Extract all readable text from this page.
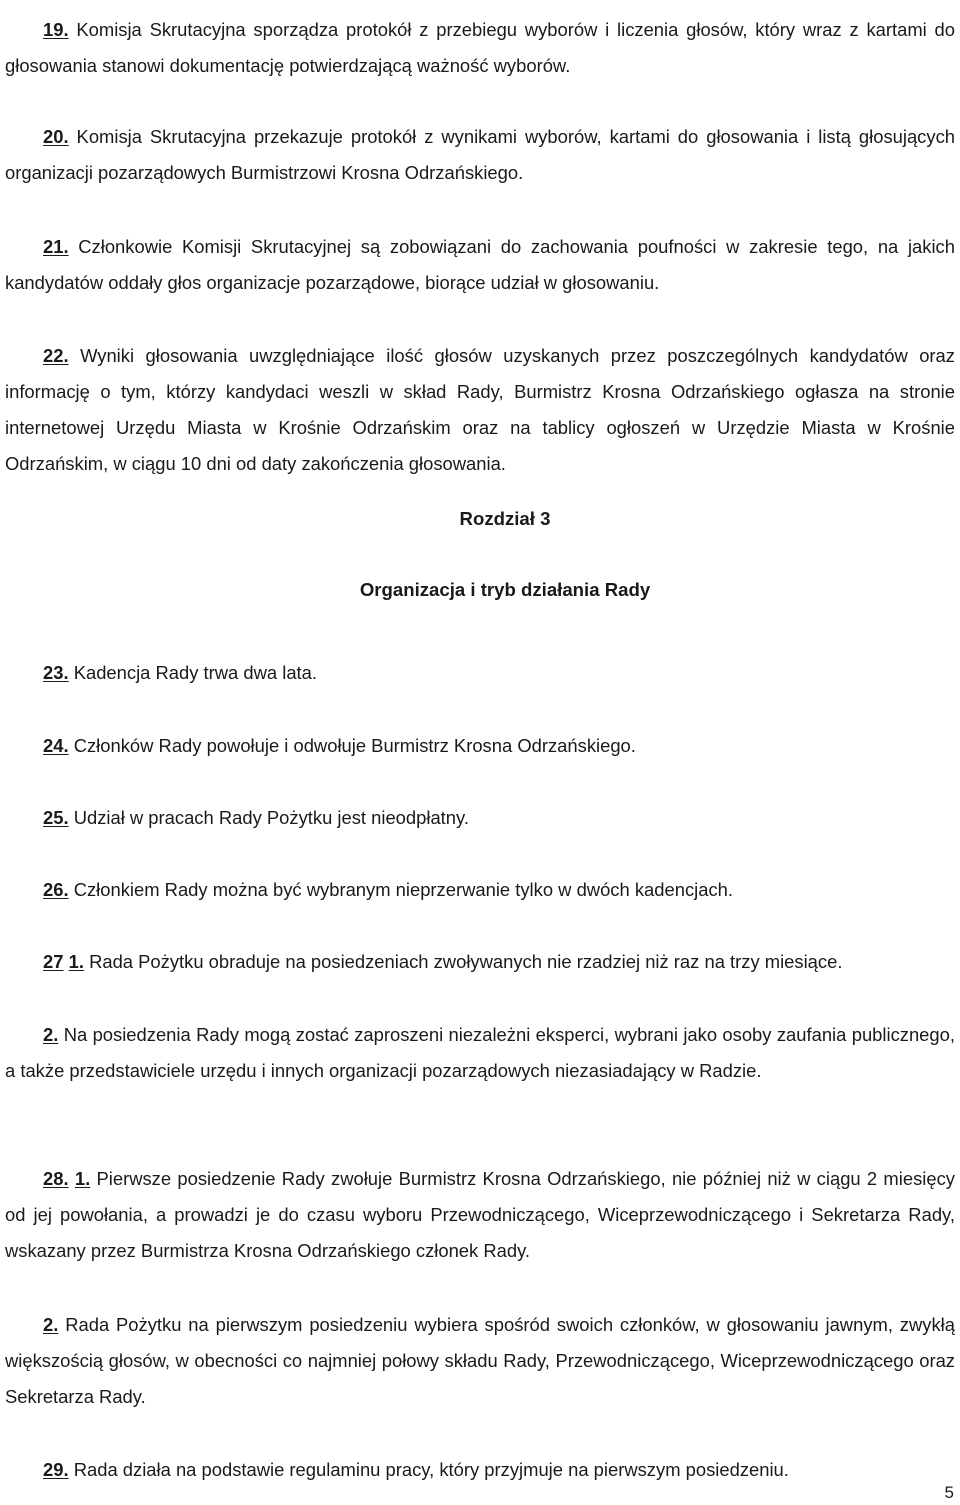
19. Komisja Skrutacyjna sporządza protokół z przebiegu wyborów i liczenia głosów, który wraz z kartami do głosowania stanowi dokumentację potwierdzającą ważność wyborów.

20. Komisja Skrutacyjna przekazuje protokół z wynikami wyborów, kartami do głosowania i listą głosujących organizacji pozarządowych Burmistrzowi Krosna Odrzańskiego.

21. Członkowie Komisji Skrutacyjnej są zobowiązani do zachowania poufności w zakresie tego, na jakich kandydatów oddały głos organizacje pozarządowe, biorące udział w głosowaniu.

22. Wyniki głosowania uwzględniające ilość głosów uzyskanych przez poszczególnych kandydatów oraz informację o tym, którzy kandydaci weszli w skład Rady, Burmistrz Krosna Odrzańskiego ogłasza na stronie internetowej Urzędu Miasta w Krośnie Odrzańskim oraz na tablicy ogłoszeń w Urzędzie Miasta w Krośnie Odrzańskim, w ciągu 10 dni od daty zakończenia głosowania.

Rozdział 3
Organizacja i tryb działania Rady

23. Kadencja Rady trwa dwa lata.

24. Członków Rady powołuje i odwołuje Burmistrz Krosna Odrzańskiego.

25. Udział w pracach Rady Pożytku jest nieodpłatny.

26. Członkiem Rady można być wybranym nieprzerwanie tylko w dwóch kadencjach.

27 1. Rada Pożytku obraduje na posiedzeniach zwoływanych nie rzadziej niż raz na trzy miesiące.

2. Na posiedzenia Rady mogą zostać zaproszeni niezależni eksperci, wybrani jako osoby zaufania publicznego, a także przedstawiciele urzędu i innych organizacji pozarządowych niezasiadający w Radzie.

28. 1. Pierwsze posiedzenie Rady zwołuje Burmistrz Krosna Odrzańskiego, nie później niż w ciągu 2 miesięcy od jej powołania, a prowadzi je do czasu wyboru Przewodniczącego, Wiceprzewodniczącego i Sekretarza Rady, wskazany przez Burmistrza Krosna Odrzańskiego członek Rady.

2. Rada Pożytku na pierwszym posiedzeniu wybiera spośród swoich członków, w głosowaniu jawnym, zwykłą większością głosów, w obecności co najmniej połowy składu Rady, Przewodniczącego, Wiceprzewodniczącego oraz Sekretarza Rady.

29. Rada działa na podstawie regulaminu pracy, który przyjmuje na pierwszym posiedzeniu.

5
